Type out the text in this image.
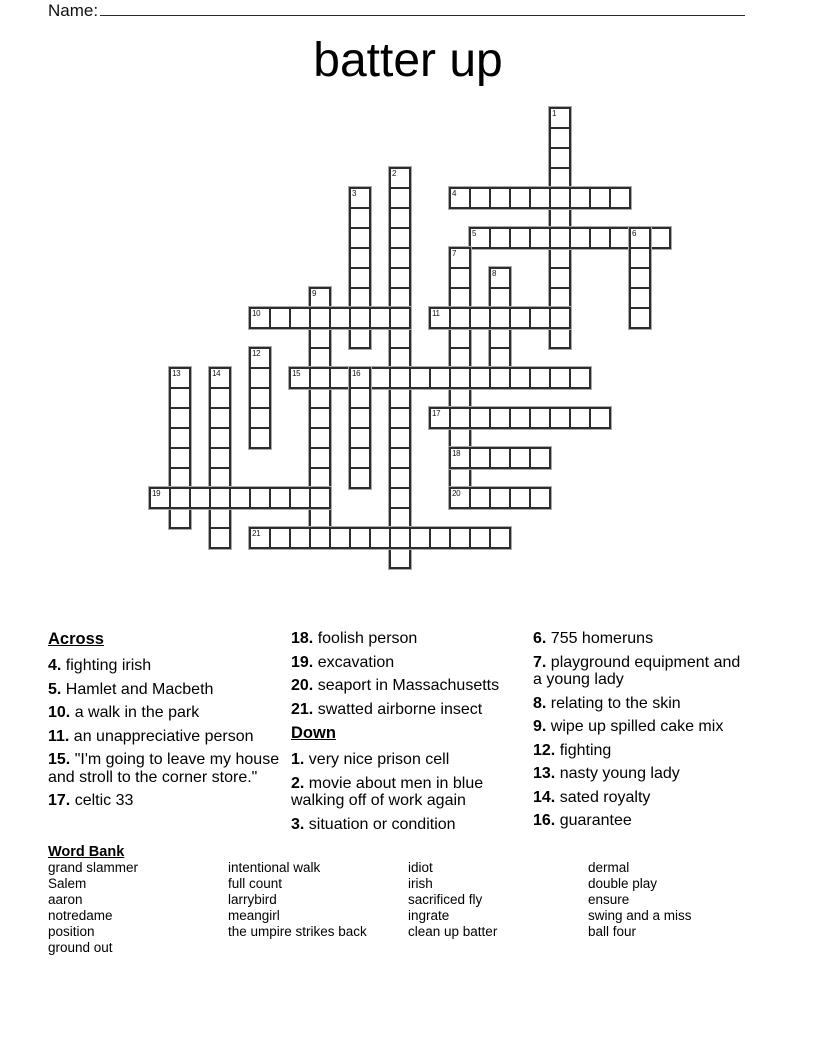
Name:
batter up
1
2
3	4
5	6
7
8
9
10	11
12
13	14	15	16
17
18
19	20
21
Across
4. fighting irish
5. Hamlet and Macbeth
10. a walk in the park
11. an unappreciative person
15. "I'm going to leave my house and stroll to the corner store."
17. celtic 33
18. foolish person
19. excavation
20. seaport in Massachusetts
21. swatted airborne insect
Down
1. very nice prison cell
2. movie about men in blue walking off of work again
3. situation or condition
6. 755 homeruns
7. playground equipment and a young lady
8. relating to the skin
9. wipe up spilled cake mix
12. fighting
13. nasty young lady
14. sated royalty
16. guarantee
Word Bank
grand slammer
Salem
aaron
notredame
position
ground out
intentional walk
full count
larrybird
meangirl
the umpire strikes back
idiot
irish
sacrificed fly
ingrate
clean up batter
dermal
double play
ensure
swing and a miss
ball four
